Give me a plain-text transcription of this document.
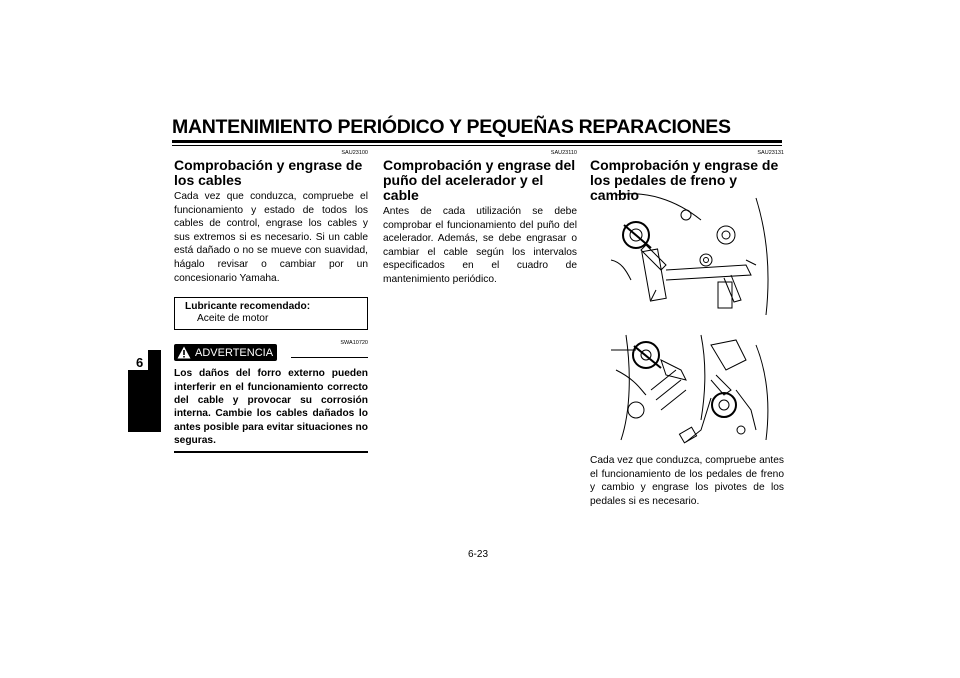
MANTENIMIENTO PERIÓDICO Y PEQUEÑAS REPARACIONES
6
SAU23100
Comprobación y engrase de los cables
Cada vez que conduzca, compruebe el funcionamiento y estado de todos los cables de control, engrase los cables y sus extremos si es necesario. Si un cable está dañado o no se mueve con suavidad, hágalo revisar o cambiar por un concesionario Yamaha.
Lubricante recomendado:
Aceite de motor
SWA10720
ADVERTENCIA
Los daños del forro externo pueden interferir en el funcionamiento correcto del cable y provocar su corrosión interna. Cambie los cables dañados lo antes posible para evitar situaciones no seguras.
SAU23110
Comprobación y engrase del puño del acelerador y el cable
Antes de cada utilización se debe comprobar el funcionamiento del puño del acelerador. Además, se debe engrasar o cambiar el cable según los intervalos especificados en el cuadro de mantenimiento periódico.
SAU23131
Comprobación y engrase de los pedales de freno y cambio
Cada vez que conduzca, compruebe antes el funcionamiento de los pedales de freno y cambio y engrase los pivotes de los pedales si es necesario.
6-23
